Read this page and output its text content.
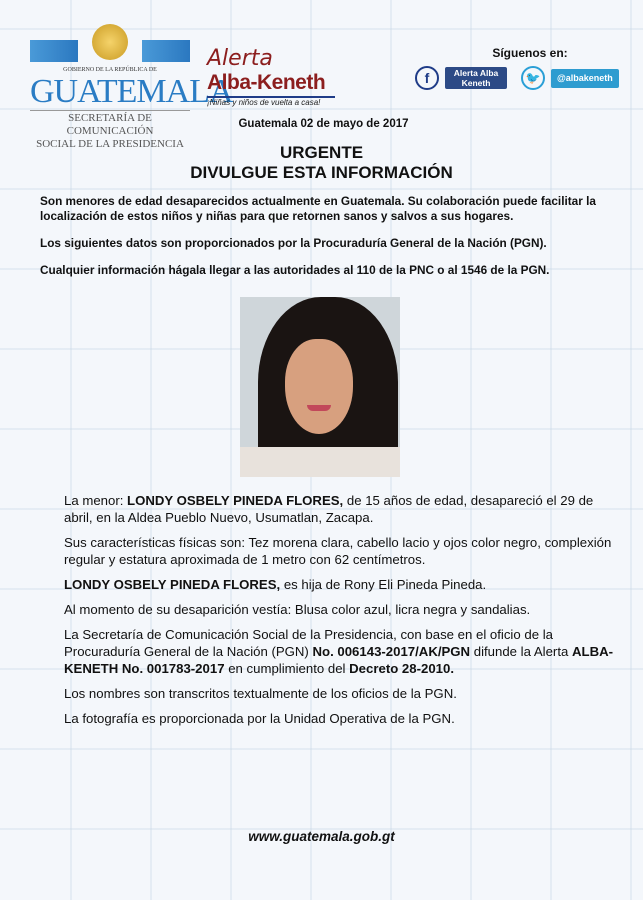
GOBIERNO DE LA REPÚBLICA DE
GUATEMALA
SECRETARÍA DE COMUNICACIÓN
SOCIAL DE LA PRESIDENCIA
Alerta
Alba-Keneth
¡Niñas y niños de vuelta a casa!
Síguenos en:
f	Alerta Alba Keneth	🐦	@albakeneth
Guatemala 02 de mayo de 2017
URGENTE
DIVULGUE ESTA INFORMACIÓN

Son menores de edad desaparecidos actualmente en Guatemala. Su colaboración puede facilitar la localización de estos niños y niñas para que retornen sanos y salvos a sus hogares.

Los siguientes datos son proporcionados por la Procuraduría General de la Nación (PGN).

Cualquier información hágala llegar a las autoridades al 110 de la PNC o al 1546 de la PGN.

La menor: LONDY OSBELY PINEDA FLORES, de 15 años de edad, desapareció el 29 de abril, en la Aldea Pueblo Nuevo, Usumatlan, Zacapa.

Sus características físicas son: Tez morena clara, cabello lacio y ojos color negro, complexión regular y estatura aproximada de 1 metro con 62 centímetros.

LONDY OSBELY PINEDA FLORES, es hija de Rony Eli Pineda Pineda.

Al momento de su desaparición vestía: Blusa color azul, licra negra y sandalias.

La Secretaría de Comunicación Social de la Presidencia, con base en el oficio de la Procuraduría General de la Nación (PGN) No. 006143-2017/AK/PGN difunde la Alerta ALBA-KENETH No. 001783-2017 en cumplimiento del Decreto 28-2010.

Los nombres son transcritos textualmente de los oficios de la PGN.

La fotografía es proporcionada por la Unidad Operativa de la PGN.

www.guatemala.gob.gt
